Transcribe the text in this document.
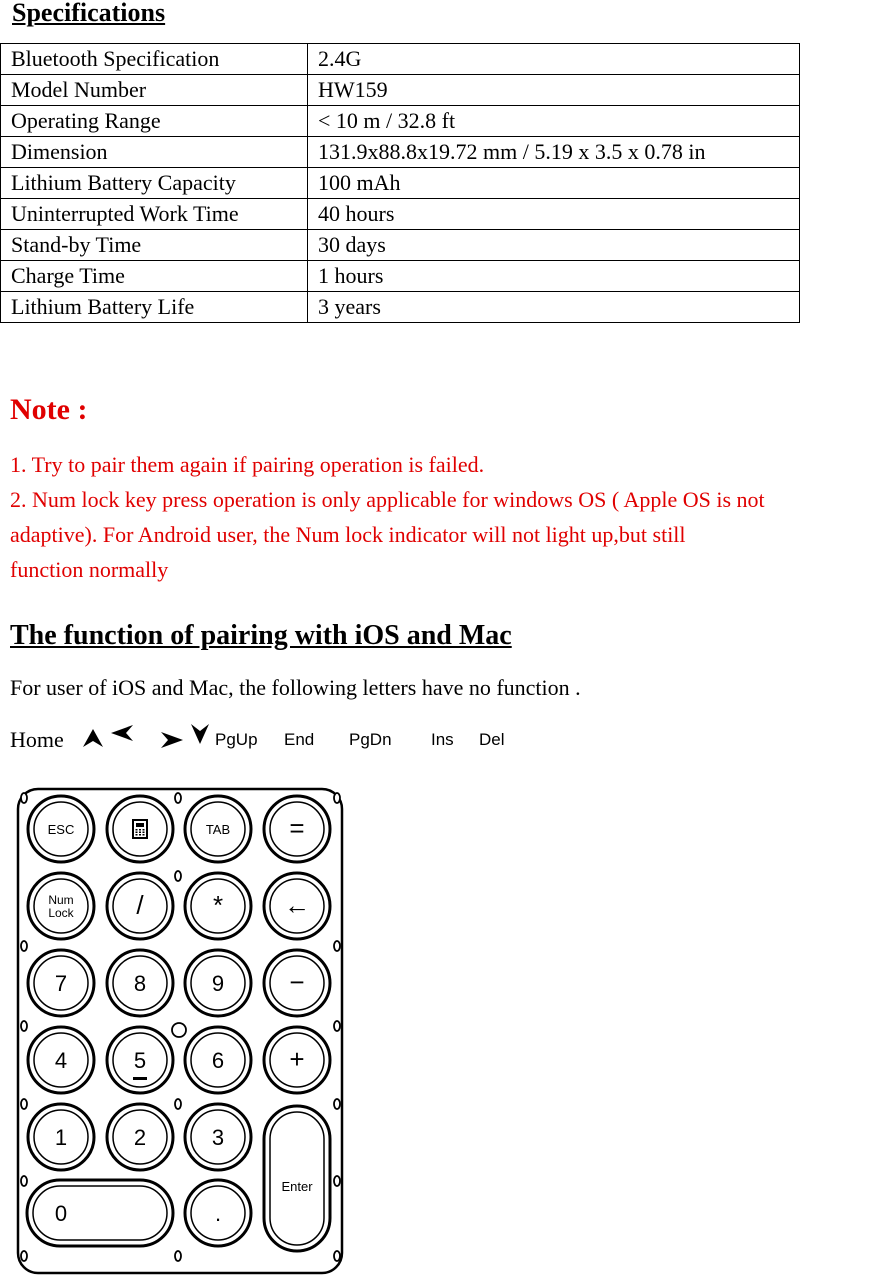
Specifications
Bluetooth Specification	2.4G
Model Number	HW159
Operating Range	< 10 m / 32.8 ft
Dimension	131.9x88.8x19.72 mm / 5.19 x 3.5 x 0.78 in
Lithium Battery Capacity	100 mAh
Uninterrupted Work Time	40 hours
Stand-by Time	30 days
Charge Time	1 hours
Lithium Battery Life	3 years
Note :
1. Try to pair them again if pairing operation is failed.
2. Num lock key press operation is only applicable for windows OS ( Apple OS is not
adaptive). For Android user, the Num lock indicator will not light up,but still
function normally
The function of pairing with iOS and Mac
For user of iOS and Mac, the following letters have no function .
Home	PgUp End PgDn Ins Del
ESC	TAB =
Num
Lock /	* ←
7	8	9	−
4	5	6	+
1	2	3
Enter
0	.
